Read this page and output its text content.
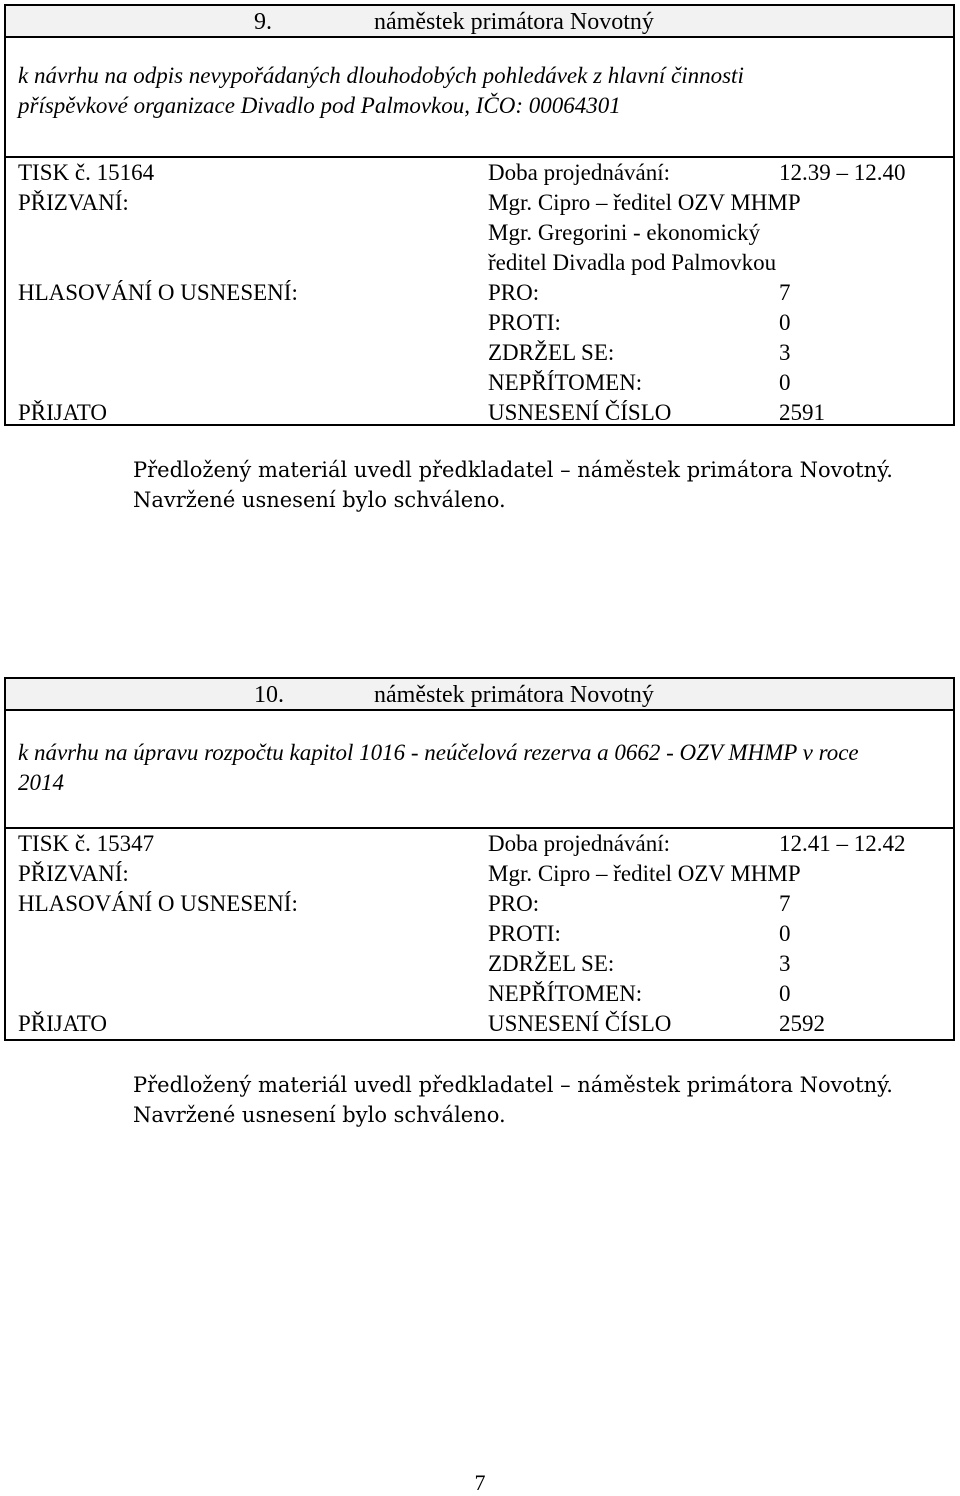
9.	náměstek primátora Novotný
k návrhu na odpis nevypořádaných dlouhodobých pohledávek z hlavní činnosti
příspěvkové organizace Divadlo pod Palmovkou, IČO: 00064301
TISK č. 15164	Doba projednávání:	12.39 – 12.40
PŘIZVANÍ:	Mgr. Cipro – ředitel OZV MHMP
Mgr. Gregorini - ekonomický
ředitel Divadla pod Palmovkou
HLASOVÁNÍ O USNESENÍ:	PRO:	7
PROTI:	0
ZDRŽEL SE:	3
NEPŘÍTOMEN:	0
PŘIJATO	USNESENÍ ČÍSLO	2591
Předložený materiál uvedl předkladatel – náměstek primátora Novotný.
Navržené usnesení bylo schváleno.
10.	náměstek primátora Novotný
k návrhu na úpravu rozpočtu kapitol 1016 - neúčelová rezerva a 0662 - OZV MHMP v roce
2014
TISK č. 15347	Doba projednávání:	12.41 – 12.42
PŘIZVANÍ:	Mgr. Cipro – ředitel OZV MHMP
HLASOVÁNÍ O USNESENÍ:	PRO:	7
PROTI:	0
ZDRŽEL SE:	3
NEPŘÍTOMEN:	0
PŘIJATO	USNESENÍ ČÍSLO	2592
Předložený materiál uvedl předkladatel – náměstek primátora Novotný.
Navržené usnesení bylo schváleno.
7
